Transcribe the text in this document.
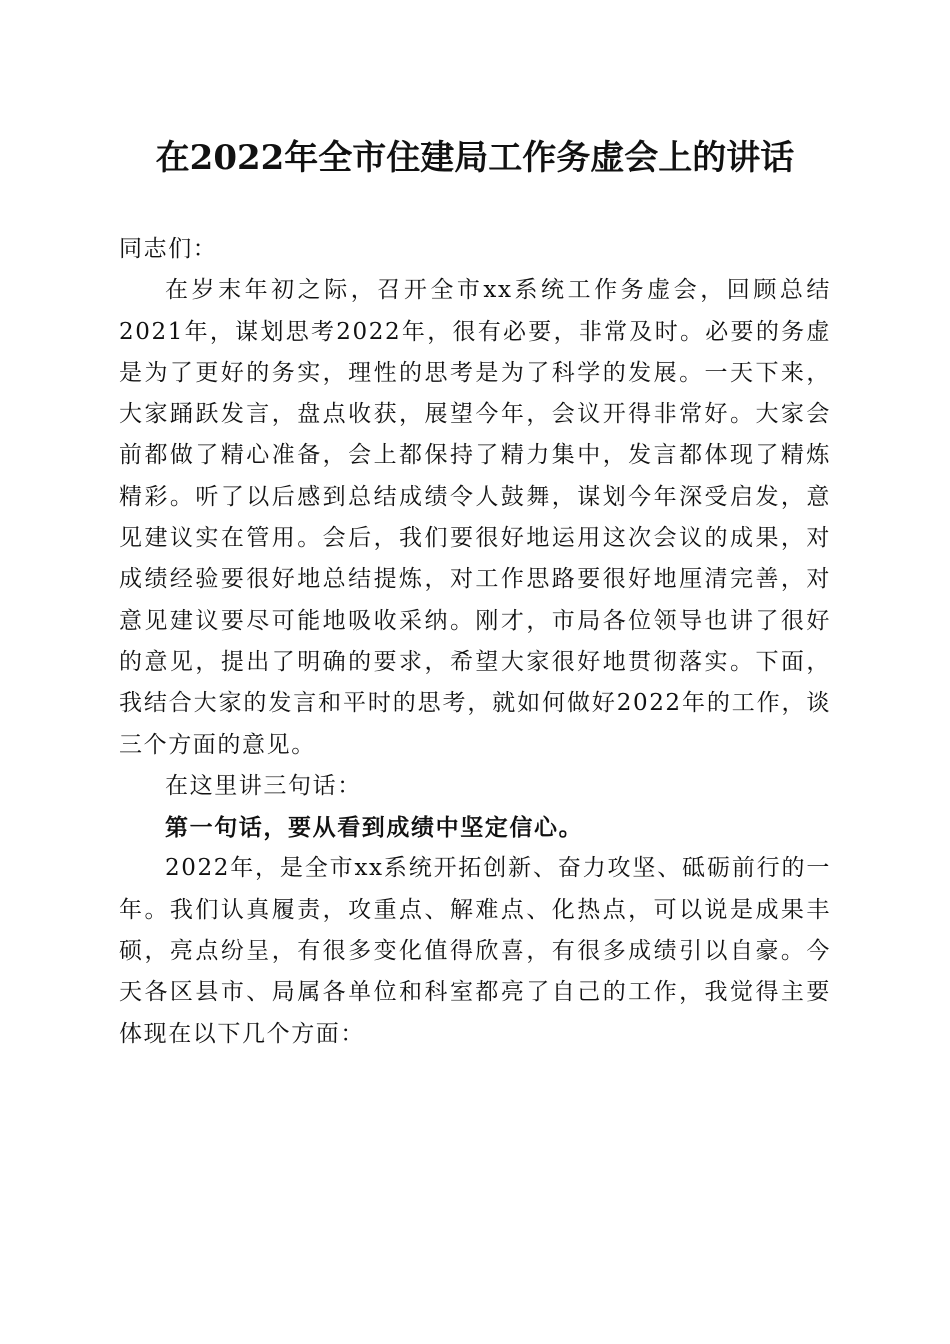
在2022年全市住建局工作务虚会上的讲话

同志们：

在岁末年初之际，召开全市xx系统工作务虚会，回顾总结2021年，谋划思考2022年，很有必要，非常及时。必要的务虚是为了更好的务实，理性的思考是为了科学的发展。一天下来，大家踊跃发言，盘点收获，展望今年，会议开得非常好。大家会前都做了精心准备，会上都保持了精力集中，发言都体现了精炼精彩。听了以后感到总结成绩令人鼓舞，谋划今年深受启发，意见建议实在管用。会后，我们要很好地运用这次会议的成果，对成绩经验要很好地总结提炼，对工作思路要很好地厘清完善，对意见建议要尽可能地吸收采纳。刚才，市局各位领导也讲了很好的意见，提出了明确的要求，希望大家很好地贯彻落实。下面，我结合大家的发言和平时的思考，就如何做好2022年的工作，谈三个方面的意见。

在这里讲三句话：

第一句话，要从看到成绩中坚定信心。

2022年，是全市xx系统开拓创新、奋力攻坚、砥砺前行的一年。我们认真履责，攻重点、解难点、化热点，可以说是成果丰硕，亮点纷呈，有很多变化值得欣喜，有很多成绩引以自豪。今天各区县市、局属各单位和科室都亮了自己的工作，我觉得主要体现在以下几个方面：
